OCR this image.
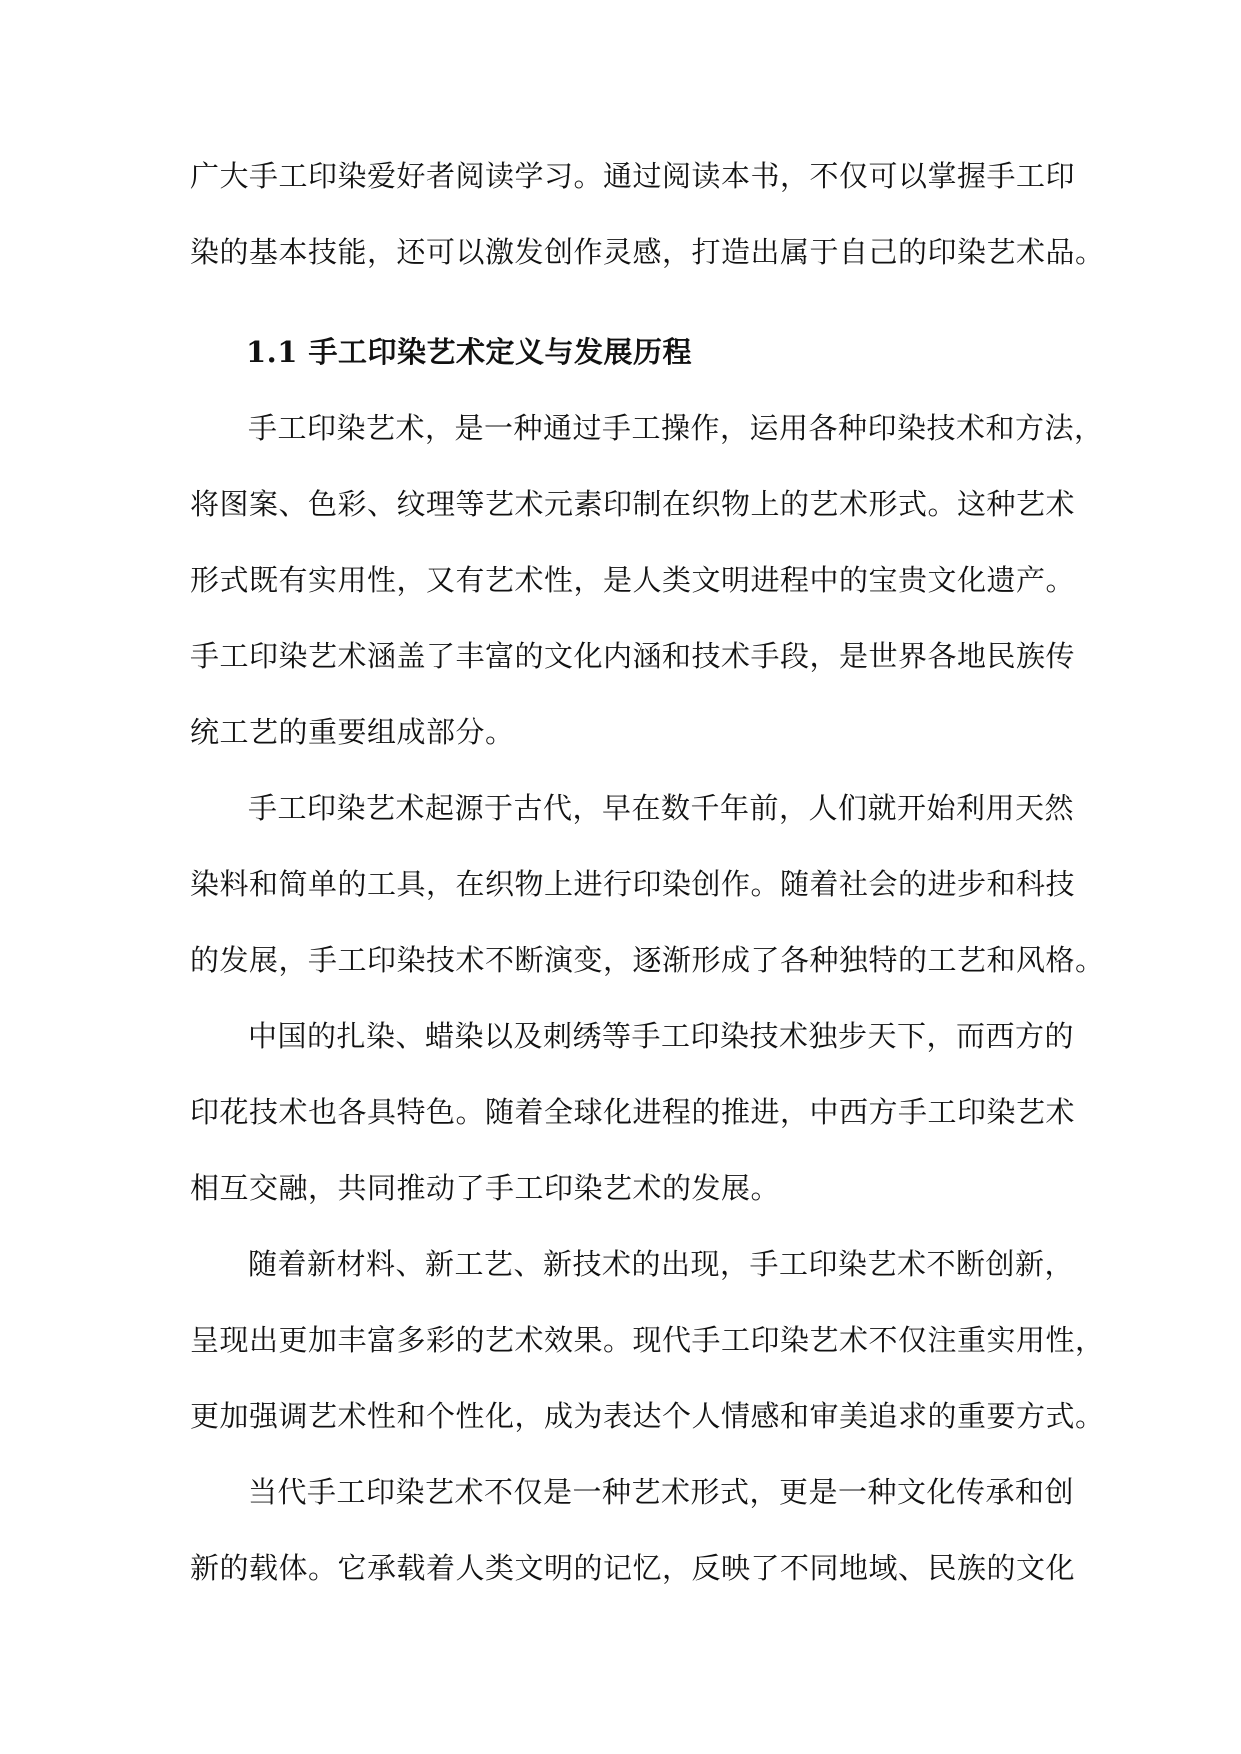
广大手工印染爱好者阅读学习。通过阅读本书，不仅可以掌握手工印
染的基本技能，还可以激发创作灵感，打造出属于自己的印染艺术品。
1.1 手工印染艺术定义与发展历程
手工印染艺术，是一种通过手工操作，运用各种印染技术和方法，
将图案、色彩、纹理等艺术元素印制在织物上的艺术形式。这种艺术
形式既有实用性，又有艺术性，是人类文明进程中的宝贵文化遗产。
手工印染艺术涵盖了丰富的文化内涵和技术手段，是世界各地民族传
统工艺的重要组成部分。
手工印染艺术起源于古代，早在数千年前，人们就开始利用天然
染料和简单的工具，在织物上进行印染创作。随着社会的进步和科技
的发展，手工印染技术不断演变，逐渐形成了各种独特的工艺和风格。
中国的扎染、蜡染以及刺绣等手工印染技术独步天下，而西方的
印花技术也各具特色。随着全球化进程的推进，中西方手工印染艺术
相互交融，共同推动了手工印染艺术的发展。
随着新材料、新工艺、新技术的出现，手工印染艺术不断创新，
呈现出更加丰富多彩的艺术效果。现代手工印染艺术不仅注重实用性，
更加强调艺术性和个性化，成为表达个人情感和审美追求的重要方式。
当代手工印染艺术不仅是一种艺术形式，更是一种文化传承和创
新的载体。它承载着人类文明的记忆，反映了不同地域、民族的文化
